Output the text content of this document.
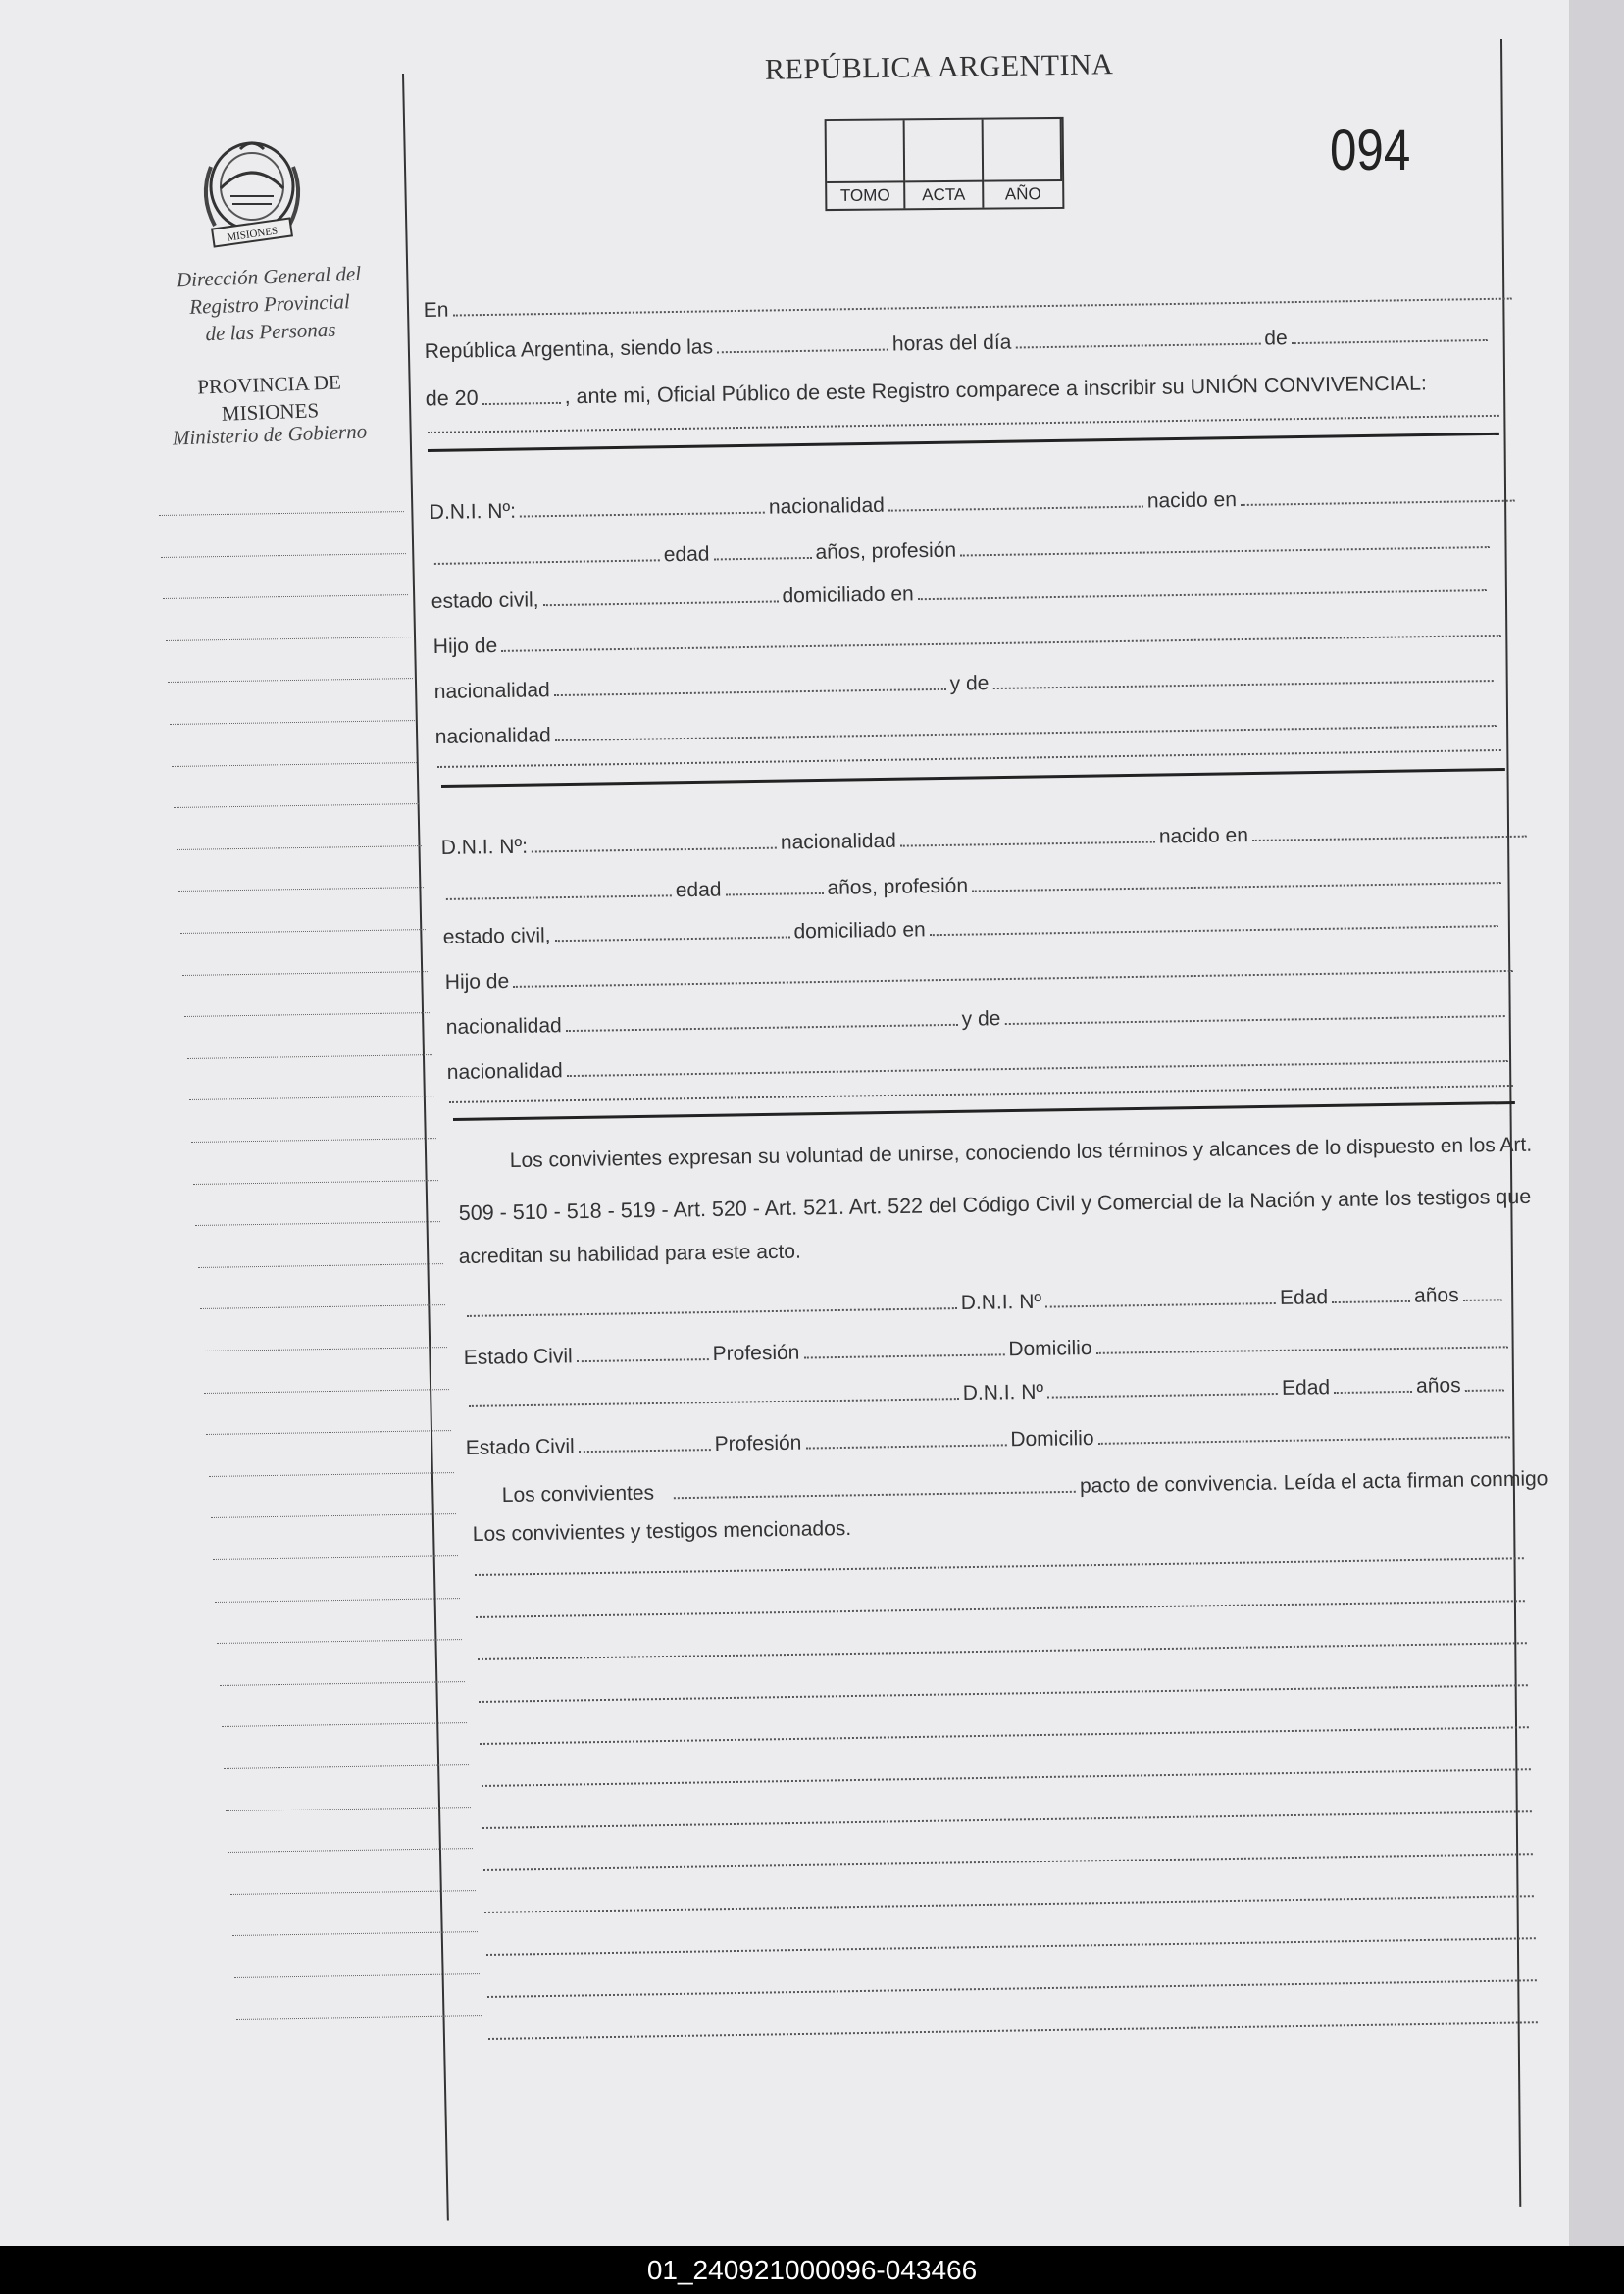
MISIONES
Dirección General del
Registro Provincial
de las Personas
PROVINCIA DE
MISIONES
Ministerio de Gobierno
REPÚBLICA ARGENTINA
TOMO	ACTA	AÑO
094
En
República Argentina, siendo las	horas del día	de
de 20	, ante mi, Oficial Público de este Registro comparece a inscribir su UNIÓN CONVIVENCIAL:
D.N.I. Nº:	nacionalidad	nacido en
edad	años, profesión
estado civil,	domiciliado en
Hijo de
nacionalidad	y de
nacionalidad
D.N.I. Nº:	nacionalidad	nacido en
edad	años, profesión
estado civil,	domiciliado en
Hijo de
nacionalidad	y de
nacionalidad
Los convivientes expresan su voluntad de unirse, conociendo los términos y alcances de lo dispuesto en los Art.
509 - 510 - 518 - 519 - Art. 520 - Art. 521. Art. 522 del Código Civil y Comercial de la Nación y ante los testigos que
acreditan su habilidad para este acto.
D.N.I. Nº	Edad	años
Estado Civil	Profesión	Domicilio
D.N.I. Nº	Edad	años
Estado Civil	Profesión	Domicilio
Los convivientes	pacto de convivencia. Leída el acta firman conmigo
Los convivientes y testigos mencionados.
01_240921000096-043466
